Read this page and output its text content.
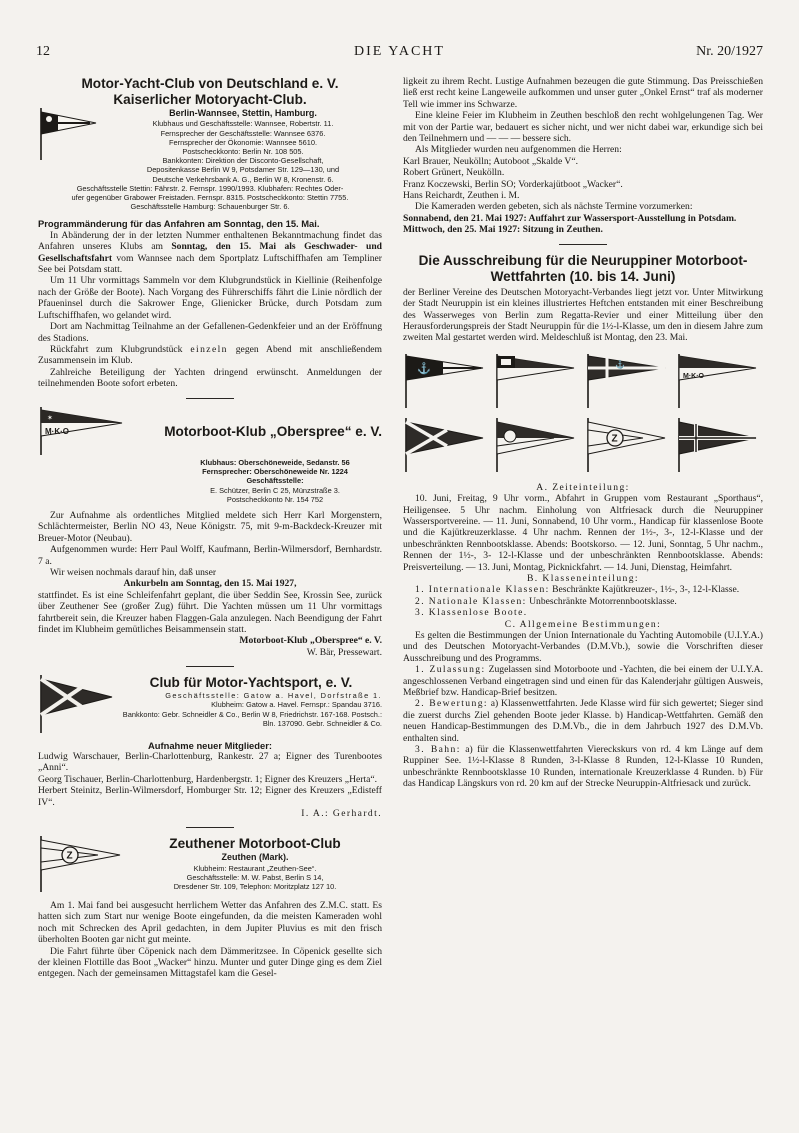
12	DIE YACHT	Nr. 20/1927
Motor-Yacht-Club von Deutschland e. V.
Kaiserlicher Motoryacht-Club.
Berlin-Wannsee, Stettin, Hamburg.
Klubhaus und Geschäftsstelle: Wannsee, Robertstr. 11.
Fernsprecher der Geschäftsstelle: Wannsee 6376.
Fernsprecher der Ökonomie: Wannsee 5610.
Postscheckkonto: Berlin Nr. 108 505.
Bankkonten: Direktion der Disconto-Gesellschaft,
Depositenkasse Berlin W 9, Potsdamer Str. 129—130, und
Deutsche Verkehrsbank A. G., Berlin W 8, Kronenstr. 6.
Geschäftsstelle Stettin: Fährstr. 2. Fernspr. 1990/1993. Klubhafen: Rechtes Oder-
ufer gegenüber Grabower Freistaden. Fernspr. 8315. Postscheckkonto: Stettin 7755.
Geschäftsstelle Hamburg: Schauenburger Str. 6.
Programmänderung für das Anfahren am Sonntag, den 15. Mai.

In Abänderung der in der letzten Nummer enthaltenen Bekanntmachung findet das Anfahren unseres Klubs am Sonntag, den 15. Mai als Geschwader- und Gesellschaftsfahrt vom Wannsee nach dem Sportplatz Luftschiffhafen am Templiner See bei Potsdam statt.

Um 11 Uhr vormittags Sammeln vor dem Klubgrundstück in Kiellinie (Reihenfolge nach der Größe der Boote). Nach Vorgang des Führerschiffs fährt die Linie nördlich der Pfaueninsel durch die Sakrower Enge, Glienicker Brücke, durch Potsdam zum Luftschiffhafen, wo gelandet wird.

Dort am Nachmittag Teilnahme an der Gefallenen-Gedenkfeier und an der Eröffnung des Stadions.

Rückfahrt zum Klubgrundstück einzeln gegen Abend mit anschließendem Zusammensein im Klub.

Zahlreiche Beteiligung der Yachten dringend erwünscht. Anmeldungen der teilnehmenden Boote sofort erbeten.

M·K·O
✶
Motorboot-Klub „Oberspree“ e. V.
Klubhaus: Oberschöneweide, Sedanstr. 56
Fernsprecher: Oberschöneweide Nr. 1224
Geschäftsstelle:
E. Schützer, Berlin C 25, Münzstraße 3.
Postscheckkonto Nr. 154 752

Zur Aufnahme als ordentliches Mitglied meldete sich Herr Karl Morgenstern, Schlächtermeister, Berlin NO 43, Neue Königstr. 75, mit 9-m-Backdeck-Kreuzer mit Breuer-Motor (Neubau).

Aufgenommen wurde: Herr Paul Wolff, Kaufmann, Berlin-Wilmersdorf, Bernhardstr. 7 a.

Wir weisen nochmals darauf hin, daß unser

Ankurbeln am Sonntag, den 15. Mai 1927,

stattfindet. Es ist eine Schleifenfahrt geplant, die über Seddin See, Krossin See, zurück über Zeuthener See (großer Zug) führt. Die Yachten müssen um 11 Uhr vormittags fahrtbereit sein, die Kreuzer haben Flaggen-Gala anzulegen. Nach Beendigung der Fahrt findet im Klubheim gemütliches Beisammensein statt.

Motorboot-Klub „Oberspree“ e. V.

W. Bär, Pressewart.

Club für Motor-Yachtsport, e. V.
Geschäftsstelle: Gatow a. Havel, Dorfstraße 1.
Klubheim: Gatow a. Havel. Fernspr.: Spandau 3716.
Bankkonto: Gebr. Schneidler & Co., Berlin W 8, Friedrichstr. 167-168. Postsch.: Bln. 137090. Gebr. Schneidler & Co.
Aufnahme neuer Mitglieder:

Ludwig Warschauer, Berlin-Charlottenburg, Rankestr. 27 a; Eigner des Turenbootes „Anni“.

Georg Tischauer, Berlin-Charlottenburg, Hardenbergstr. 1; Eigner des Kreuzers „Herta“.

Herbert Steinitz, Berlin-Wilmersdorf, Homburger Str. 12; Eigner des Kreuzers „Edisteff IV“.

I. A.: Gerhardt.

Z
Zeuthener Motorboot-Club
Zeuthen (Mark).
Klubheim: Restaurant „Zeuthen-See“.
Geschäftsstelle: M. W. Pabst, Berlin S 14,
Dresdener Str. 109, Telephon: Moritzplatz 127 10.

Am 1. Mai fand bei ausgesucht herrlichem Wetter das Anfahren des Z.M.C. statt. Es hatten sich zum Start nur wenige Boote eingefunden, da die meisten Kameraden wohl noch mit Schrecken des April gedachten, in dem Jupiter Pluvius es mit den frisch überholten Booten gar nicht gut meinte.

Die Fahrt führte über Cöpenick nach dem Dämmeritzsee. In Cöpenick gesellte sich der kleinen Flottille das Boot „Wacker“ hinzu. Munter und guter Dinge ging es dem Ziel entgegen. Nach der gemeinsamen Mittagstafel kam die Gesel-

ligkeit zu ihrem Recht. Lustige Aufnahmen bezeugen die gute Stimmung. Das Preisschießen ließ erst recht keine Langeweile aufkommen und unser guter „Onkel Ernst“ traf als moderner Tell wie immer ins Schwarze.

Eine kleine Feier im Klubheim in Zeuthen beschloß den recht wohlgelungenen Tag. Wer mit von der Partie war, bedauert es sicher nicht, und wer nicht dabei war, erkundige sich bei den Teilnehmern und — — — bessere sich.

Als Mitglieder wurden neu aufgenommen die Herren:

Karl Brauer, Neukölln; Autoboot „Skalde V“.

Robert Grünert, Neukölln.

Franz Koczewski, Berlin SO; Vorderkajütboot „Wacker“.

Hans Reichardt, Zeuthen i. M.

Die Kameraden werden gebeten, sich als nächste Termine vorzumerken:

Sonnabend, den 21. Mai 1927: Auffahrt zur Wassersport-Ausstellung in Potsdam.

Mittwoch, den 25. Mai 1927: Sitzung in Zeuthen.

Die Ausschreibung für die Neuruppiner Motorboot-Wettfahrten (10. bis 14. Juni)

der Berliner Vereine des Deutschen Motoryacht-Verbandes liegt jetzt vor. Unter Mitwirkung der Stadt Neuruppin ist ein kleines illustriertes Heftchen entstanden mit einer Beschreibung des Wasserweges von Berlin zum Regatta-Revier und einer Mitteilung über den Herausforderungspreis der Stadt Neuruppin für die 1½-l-Klasse, um den in diesem Jahre zum zweiten Mal gestartet werden wird. Meldeschluß ist Montag, den 23. Mai.

⚓	⚓
M·K·O
Z

A. Zeiteinteilung:

10. Juni, Freitag, 9 Uhr vorm., Abfahrt in Gruppen vom Restaurant „Sporthaus“, Heiligensee. 5 Uhr nachm. Einholung von Altfriesack durch die Neuruppiner Wassersportvereine. — 11. Juni, Sonnabend, 10 Uhr vorm., Handicap für klassenlose Boote und die Kajütkreuzerklasse. 4 Uhr nachm. Rennen der 1½-, 3-, 12-l-Klasse und der unbeschränkten Rennbootsklasse. Abends: Bootskorso. — 12. Juni, Sonntag, 5 Uhr nachm., Rennen der 1½-, 3- 12-l-Klasse und der unbeschränkten Rennbootsklasse. Abends: Preisverteilung. — 13. Juni, Montag, Picknickfahrt. — 14. Juni, Dienstag, Heimfahrt.

B. Klasseneinteilung:

1. Internationale Klassen: Beschränkte Kajütkreuzer-, 1½-, 3-, 12-l-Klasse.

2. Nationale Klassen: Unbeschränkte Motorrennbootsklasse.

3. Klassenlose Boote.

C. Allgemeine Bestimmungen:

Es gelten die Bestimmungen der Union Internationale du Yachting Automobile (U.I.Y.A.) und des Deutschen Motoryacht-Verbandes (D.M.Vb.), sowie die Vorschriften dieser Ausschreibung und des Programms.

1. Zulassung: Zugelassen sind Motorboote und -Yachten, die bei einem der U.I.Y.A. angeschlossenen Verband eingetragen sind und einen für das Kalenderjahr gültigen Ausweis, Meßbrief bzw. Handicap-Brief besitzen.

2. Bewertung: a) Klassenwettfahrten. Jede Klasse wird für sich gewertet; Sieger sind die zuerst durchs Ziel gehenden Boote jeder Klasse. b) Handicap-Wettfahrten. Gemäß den neuen Handicap-Bestimmungen des D.M.Vb., die in dem Jahrbuch 1927 des D.M.Vb. enthalten sind.

3. Bahn: a) für die Klassenwettfahrten Viereckskurs von rd. 4 km Länge auf dem Ruppiner See. 1½-l-Klasse 8 Runden, 3-l-Klasse 8 Runden, 12-l-Klasse 10 Runden, unbeschränkte Rennbootsklasse 10 Runden, internationale Kreuzerklasse 4 Runden. b) Für das Handicap Längskurs von rd. 20 km auf der Strecke Neuruppin-Altfriesack und zurück.
